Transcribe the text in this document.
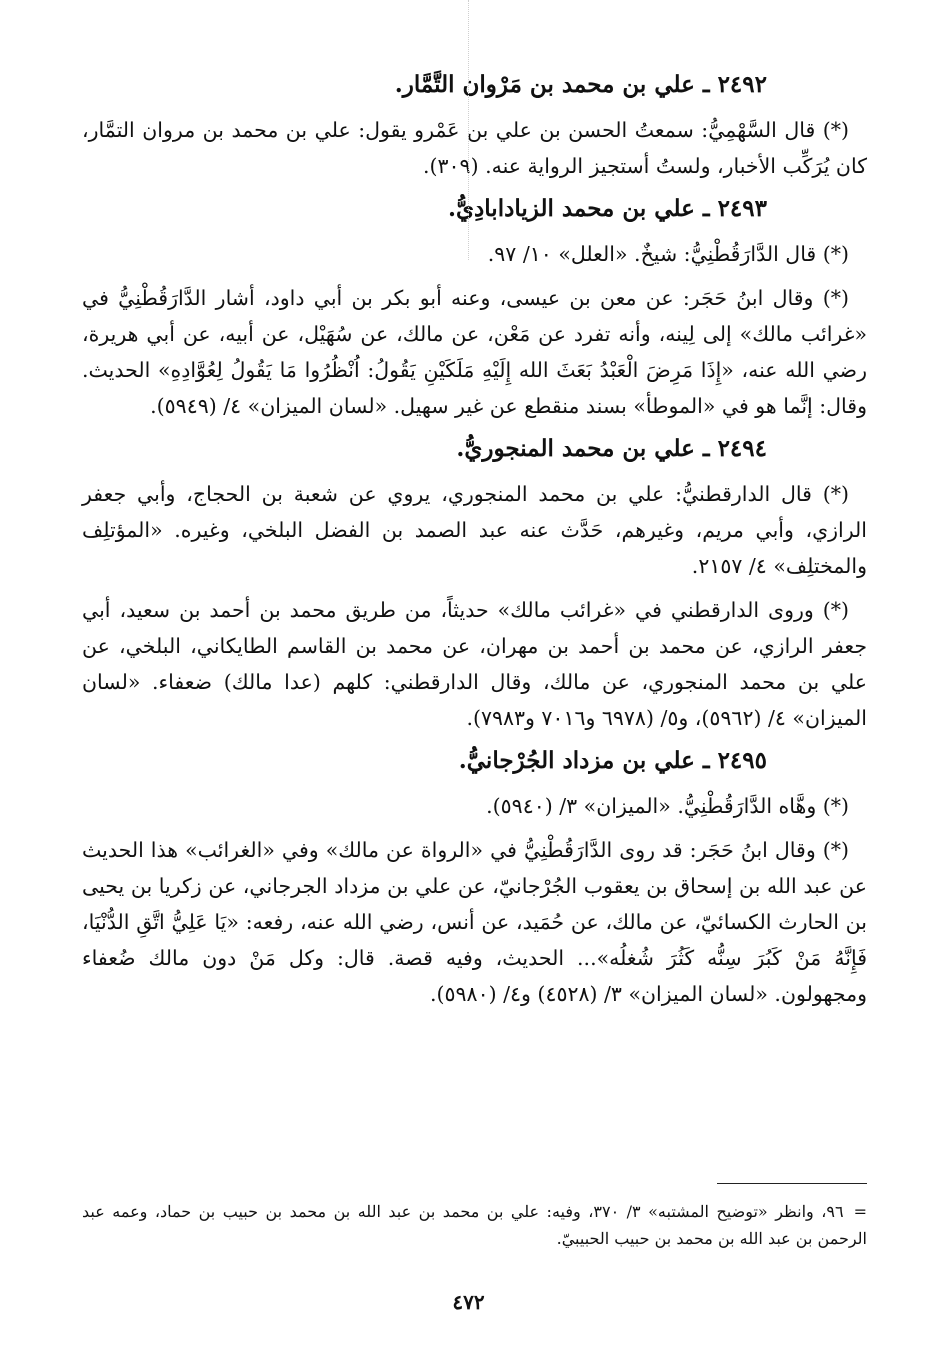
٢٤٩٢ ـ علي بن محمد بن مَرْوان التَّمَّار.

(*) قال السَّهْمِيُّ: سمعتُ الحسن بن علي بن عَمْرو يقول: علي بن محمد بن مروان التمَّار، كان يُرَكِّب الأخبار، ولستُ أستجيز الرواية عنه. (٣٠٩).

٢٤٩٣ ـ علي بن محمد الزيادابادِيُّ.

(*) قال الدَّارَقُطْنِيُّ: شيخٌ. «العلل» ١٠/ ٩٧.

(*) وقال ابنُ حَجَر: عن معن بن عيسى، وعنه أبو بكر بن أبي داود، أشار الدَّارَقُطْنِيُّ في «غرائب مالك» إلى لِينه، وأنه تفرد عن مَعْن، عن مالك، عن سُهَيْل، عن أبيه، عن أبي هريرة، رضي الله عنه، «إِذَا مَرِضَ الْعَبْدُ بَعَثَ الله إِلَيْهِ مَلَكَيْنِ يَقُولُ: اُنْظُرُوا مَا يَقُولُ لِعُوَّادِهِ» الحديث. وقال: إنَّما هو في «الموطأ» بسند منقطع عن غير سهيل. «لسان الميزان» ٤/ (٥٩٤٩).

٢٤٩٤ ـ علي بن محمد المنجوريُّ.

(*) قال الدارقطنيُّ: علي بن محمد المنجوري، يروي عن شعبة بن الحجاج، وأبي جعفر الرازي، وأبي مريم، وغيرهم، حَدَّث عنه عبد الصمد بن الفضل البلخي، وغيره. «المؤتلِف والمختلِف» ٤/ ٢١٥٧.

(*) وروى الدارقطني في «غرائب مالك» حديثاً، من طريق محمد بن أحمد بن سعيد، أبي جعفر الرازي، عن محمد بن أحمد بن مهران، عن محمد بن القاسم الطايكاني، البلخي، عن علي بن محمد المنجوري، عن مالك، وقال الدارقطني: كلهم (عدا مالك) ضعفاء. «لسان الميزان» ٤/ (٥٩٦٢)، و٥/ (٦٩٧٨ و٧٠١٦ و٧٩٨٣).

٢٤٩٥ ـ علي بن مزداد الجُرْجانيُّ.

(*) وهَّاه الدَّارَقُطْنِيُّ. «الميزان» ٣/ (٥٩٤٠).

(*) وقال ابنُ حَجَر: قد روى الدَّارَقُطْنِيُّ في «الرواة عن مالك» وفي «الغرائب» هذا الحديث عن عبد الله بن إسحاق بن يعقوب الجُرْجانيّ، عن علي بن مزداد الجرجاني، عن زكريا بن يحيى بن الحارث الكسائيّ، عن مالك، عن حُمَيد، عن أنس، رضي الله عنه، رفعه: «يَا عَلِيُّ اتَّقِ الدُّنْيَا، فَإِنَّهُ مَنْ كَبُرَ سِنُّه كَثُرَ شُغلُه»... الحديث، وفيه قصة. قال: وكل مَنْ دون مالك ضُعفاء ومجهولون. «لسان الميزان» ٣/ (٤٥٢٨) و٤/ (٥٩٨٠).

=٩٦، وانظر «توضيح المشتبه» ٣/ ٣٧٠، وفيه: علي بن محمد بن عبد الله بن محمد بن حبيب بن حماد، وعمه عبد الرحمن بن عبد الله بن محمد بن حبيب الحبيبيّ.
٤٧٢
